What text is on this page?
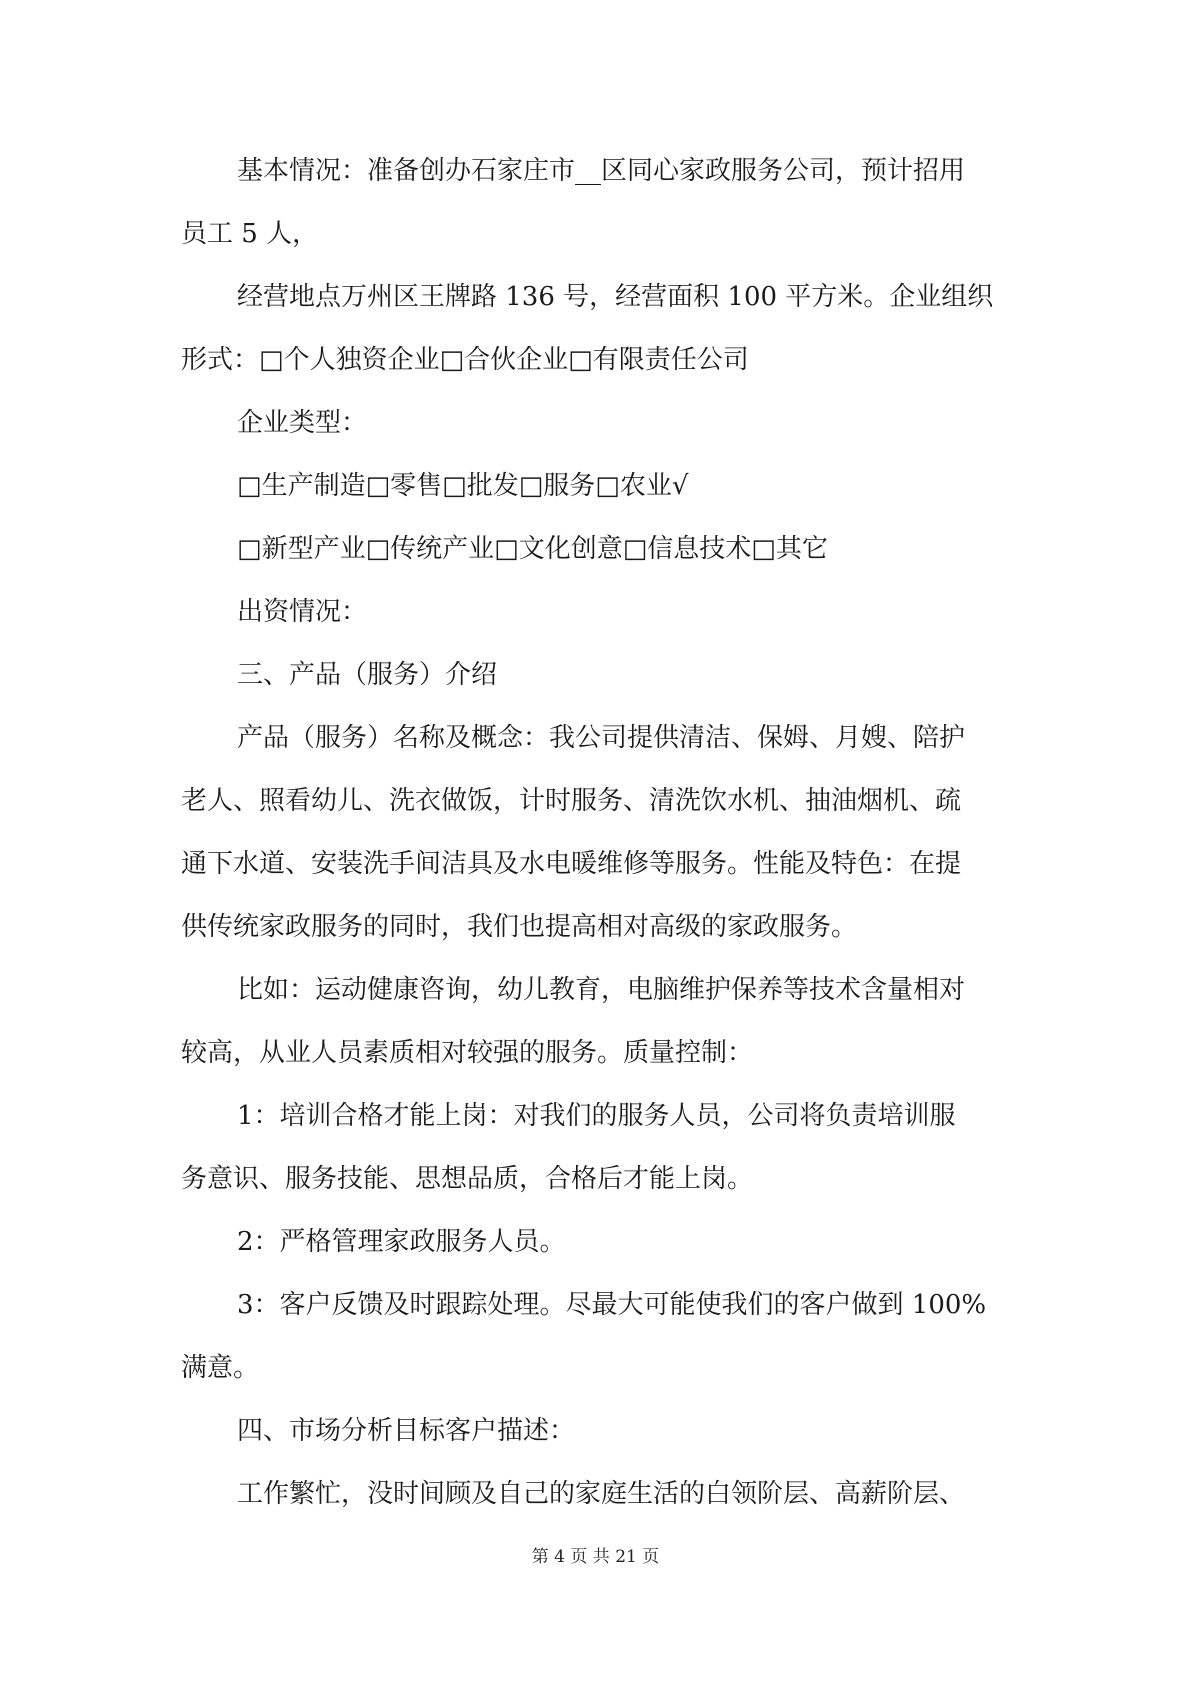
基本情况：准备创办石家庄市__区同心家政服务公司，预计招用

员工 5 人，

经营地点万州区王牌路 136 号，经营面积 100 平方米。企业组织

形式：□个人独资企业□合伙企业□有限责任公司

企业类型：

□生产制造□零售□批发□服务□农业√

□新型产业□传统产业□文化创意□信息技术□其它

出资情况：

三、产品（服务）介绍

产品（服务）名称及概念：我公司提供清洁、保姆、月嫂、陪护

老人、照看幼儿、洗衣做饭，计时服务、清洗饮水机、抽油烟机、疏

通下水道、安装洗手间洁具及水电暖维修等服务。性能及特色：在提

供传统家政服务的同时，我们也提高相对高级的家政服务。

比如：运动健康咨询，幼儿教育，电脑维护保养等技术含量相对

较高，从业人员素质相对较强的服务。质量控制：

1：培训合格才能上岗：对我们的服务人员，公司将负责培训服

务意识、服务技能、思想品质，合格后才能上岗。

2：严格管理家政服务人员。

3：客户反馈及时跟踪处理。尽最大可能使我们的客户做到 100%

满意。

四、市场分析目标客户描述：

工作繁忙，没时间顾及自己的家庭生活的白领阶层、高薪阶层、

第 4 页 共 21 页
